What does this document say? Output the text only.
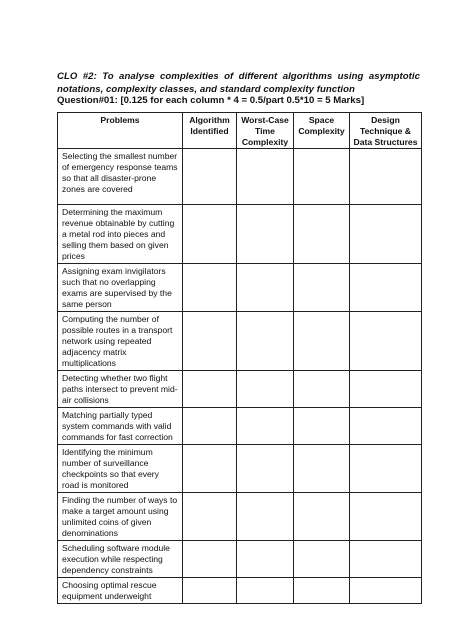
CLO #2: To analyse complexities of different algorithms using asymptotic notations, complexity classes, and standard complexity function
Question#01: [0.125 for each column * 4 = 0.5/part 0.5*10 = 5 Marks]
Problems	Algorithm Identified	Worst-Case Time Complexity	Space Complexity	Design Technique & Data Structures
Selecting the smallest number of emergency response teams so that all disaster-prone zones are covered				
Determining the maximum revenue obtainable by cutting a metal rod into pieces and selling them based on given prices				
Assigning exam invigilators such that no overlapping exams are supervised by the same person				
Computing the number of possible routes in a transport network using repeated adjacency matrix multiplications				
Detecting whether two flight paths intersect to prevent mid-air collisions				
Matching partially typed system commands with valid commands for fast correction				
Identifying the minimum number of surveillance checkpoints so that every road is monitored				
Finding the number of ways to make a target amount using unlimited coins of given denominations				
Scheduling software module execution while respecting dependency constraints				
Choosing optimal rescue equipment underweight				
